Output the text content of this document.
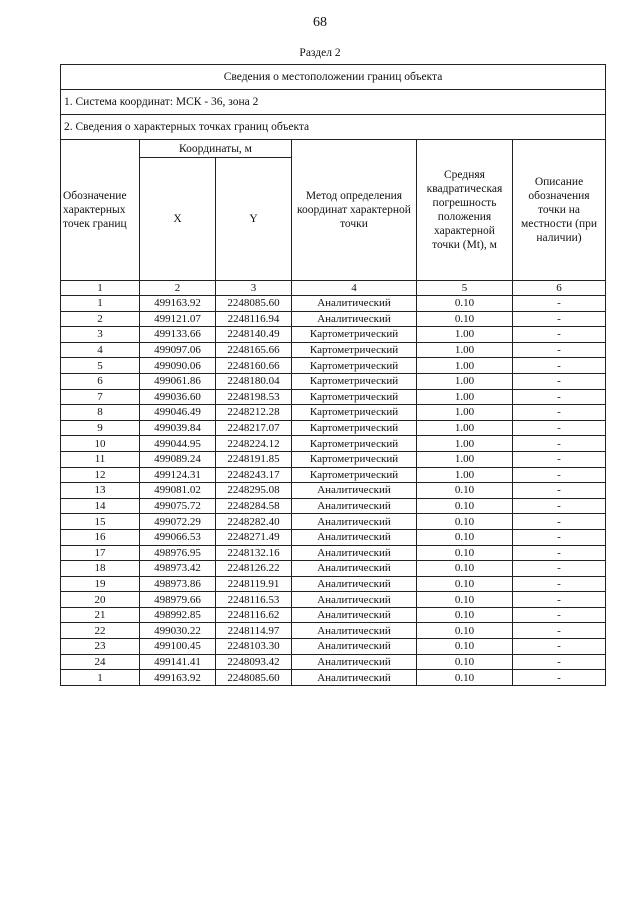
68
Раздел 2
Сведения о местоположении границ объекта					
1. Система координат: МСК - 36, зона 2					
2. Сведения о характерных точках границ объекта					
Обозначение характерных точек границ	Координаты, м		Метод определения координат характерной точки	Средняя квадратическая погрешность положения характерной точки (Mt), м	Описание обозначения точки на местности (при наличии)
	X	Y			
1	2	3	4	5	6
1	499163.92	2248085.60	Аналитический	0.10	-
2	499121.07	2248116.94	Аналитический	0.10	-
3	499133.66	2248140.49	Картометрический	1.00	-
4	499097.06	2248165.66	Картометрический	1.00	-
5	499090.06	2248160.66	Картометрический	1.00	-
6	499061.86	2248180.04	Картометрический	1.00	-
7	499036.60	2248198.53	Картометрический	1.00	-
8	499046.49	2248212.28	Картометрический	1.00	-
9	499039.84	2248217.07	Картометрический	1.00	-
10	499044.95	2248224.12	Картометрический	1.00	-
11	499089.24	2248191.85	Картометрический	1.00	-
12	499124.31	2248243.17	Картометрический	1.00	-
13	499081.02	2248295.08	Аналитический	0.10	-
14	499075.72	2248284.58	Аналитический	0.10	-
15	499072.29	2248282.40	Аналитический	0.10	-
16	499066.53	2248271.49	Аналитический	0.10	-
17	498976.95	2248132.16	Аналитический	0.10	-
18	498973.42	2248126.22	Аналитический	0.10	-
19	498973.86	2248119.91	Аналитический	0.10	-
20	498979.66	2248116.53	Аналитический	0.10	-
21	498992.85	2248116.62	Аналитический	0.10	-
22	499030.22	2248114.97	Аналитический	0.10	-
23	499100.45	2248103.30	Аналитический	0.10	-
24	499141.41	2248093.42	Аналитический	0.10	-
1	499163.92	2248085.60	Аналитический	0.10	-
